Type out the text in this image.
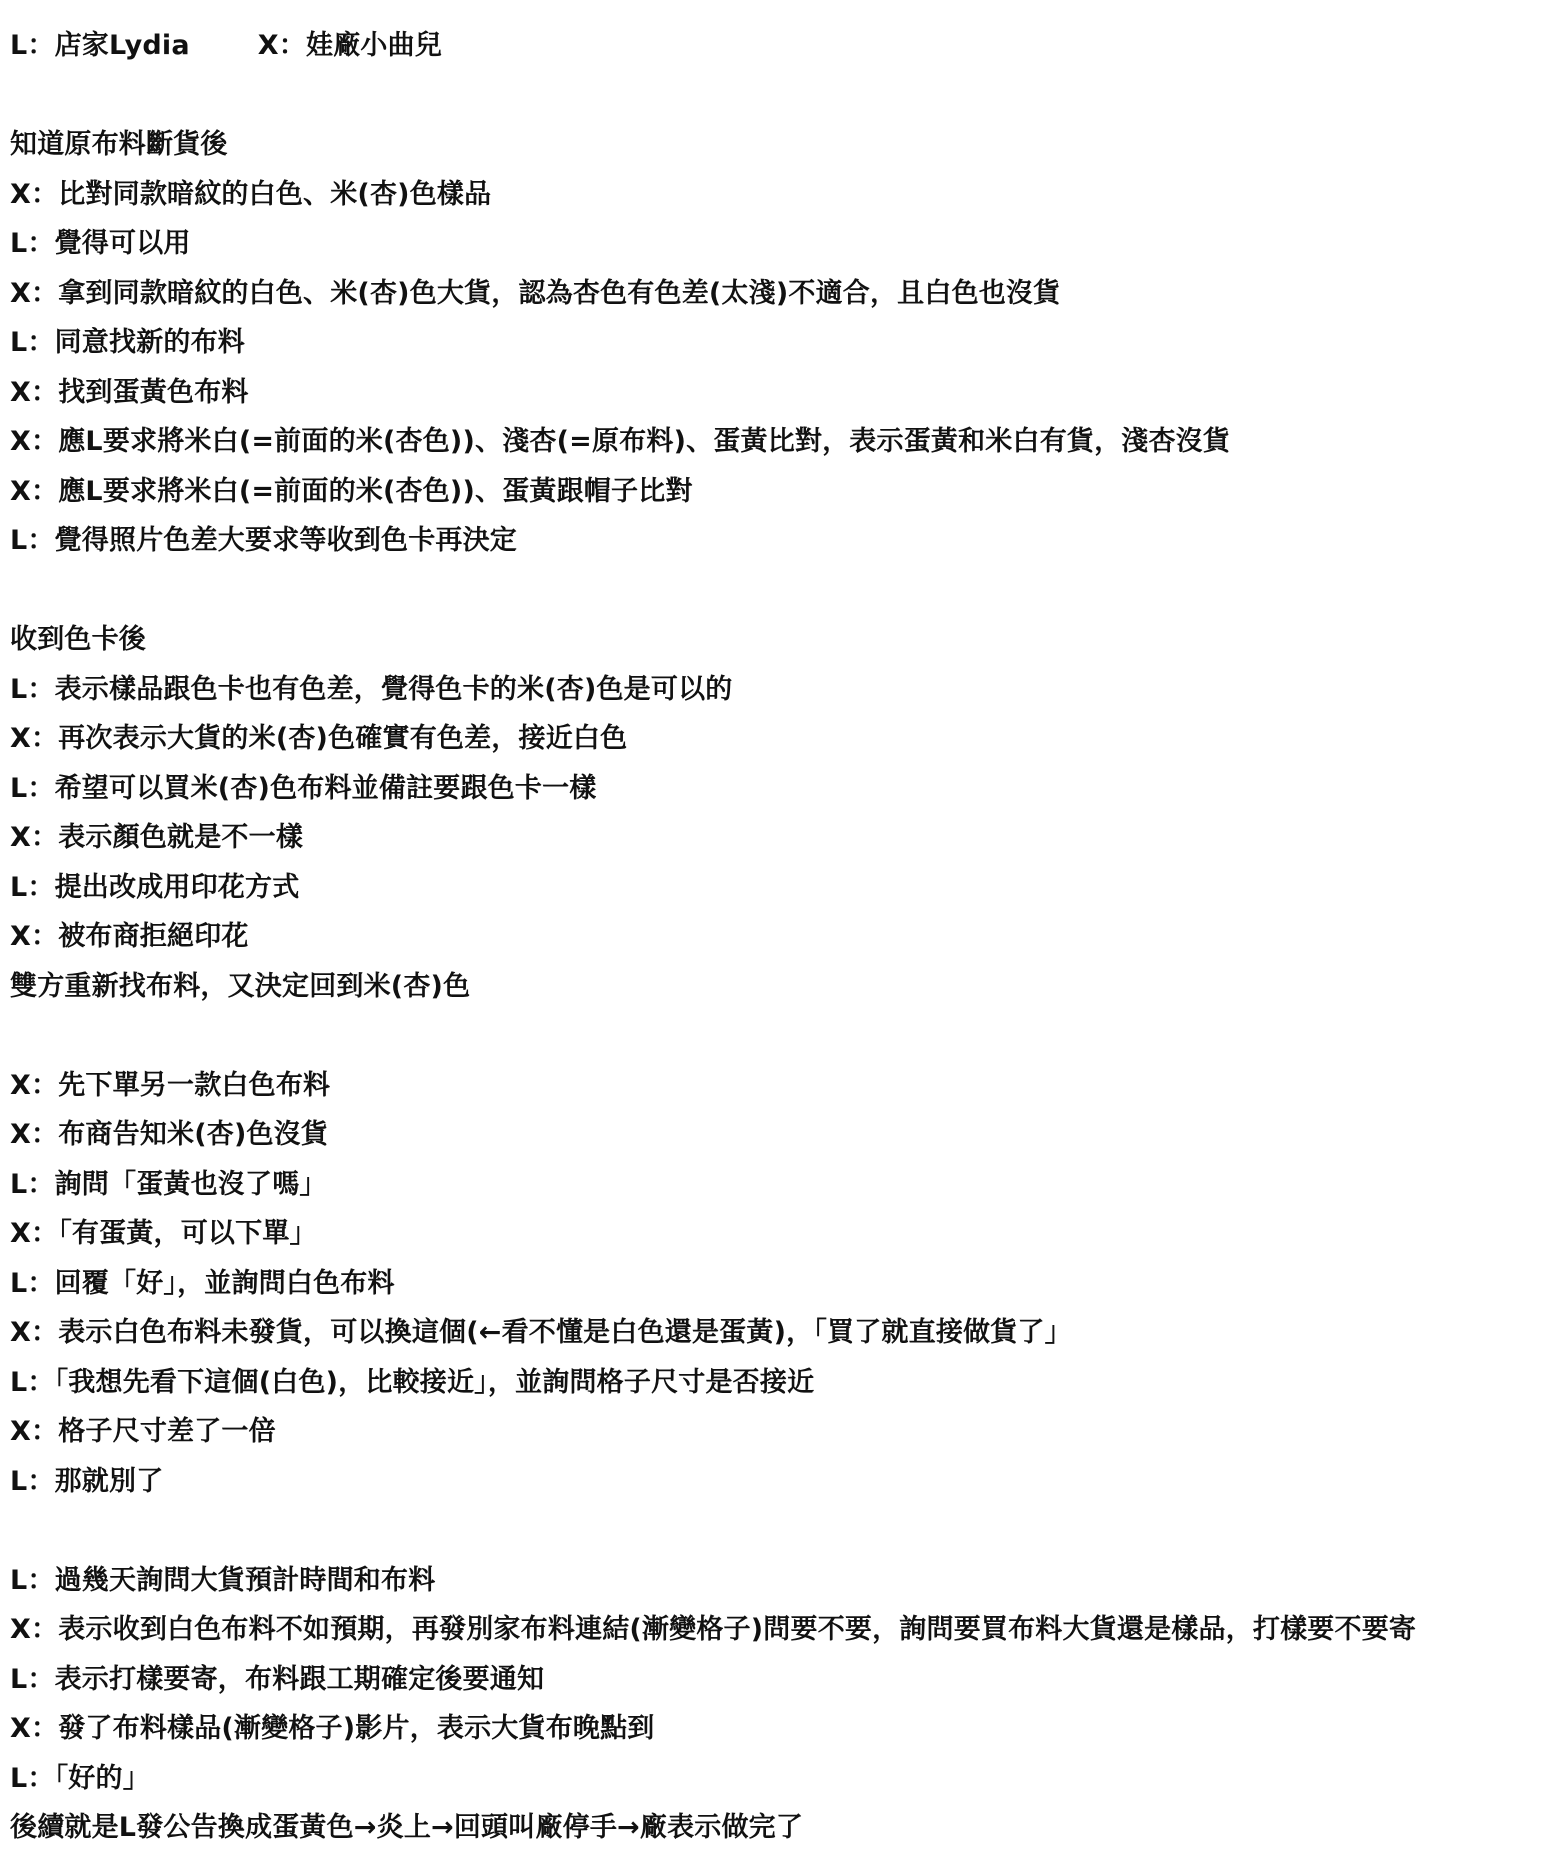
L：店家Lydia	X：娃廠小曲兒
知道原布料斷貨後
X：比對同款暗紋的白色、米(杏)色樣品
L：覺得可以用
X：拿到同款暗紋的白色、米(杏)色大貨，認為杏色有色差(太淺)不適合，且白色也沒貨
L：同意找新的布料
X：找到蛋黃色布料
X：應L要求將米白(=前面的米(杏色))、淺杏(=原布料)、蛋黃比對，表示蛋黃和米白有貨，淺杏沒貨
X：應L要求將米白(=前面的米(杏色))、蛋黃跟帽子比對
L：覺得照片色差大要求等收到色卡再決定
收到色卡後
L：表示樣品跟色卡也有色差，覺得色卡的米(杏)色是可以的
X：再次表示大貨的米(杏)色確實有色差，接近白色
L：希望可以買米(杏)色布料並備註要跟色卡一樣
X：表示顏色就是不一樣
L：提出改成用印花方式
X：被布商拒絕印花
雙方重新找布料，又決定回到米(杏)色
X：先下單另一款白色布料
X：布商告知米(杏)色沒貨
L：詢問「蛋黃也沒了嗎」
X：「有蛋黃，可以下單」
L：回覆「好」，並詢問白色布料
X：表示白色布料未發貨，可以換這個(←看不懂是白色還是蛋黃)，「買了就直接做貨了」
L：「我想先看下這個(白色)，比較接近」，並詢問格子尺寸是否接近
X：格子尺寸差了一倍
L：那就別了
L：過幾天詢問大貨預計時間和布料
X：表示收到白色布料不如預期，再發別家布料連結(漸變格子)問要不要，詢問要買布料大貨還是樣品，打樣要不要寄
L：表示打樣要寄，布料跟工期確定後要通知
X：發了布料樣品(漸變格子)影片，表示大貨布晚點到
L：「好的」
後續就是L發公告換成蛋黃色→炎上→回頭叫廠停手→廠表示做完了
